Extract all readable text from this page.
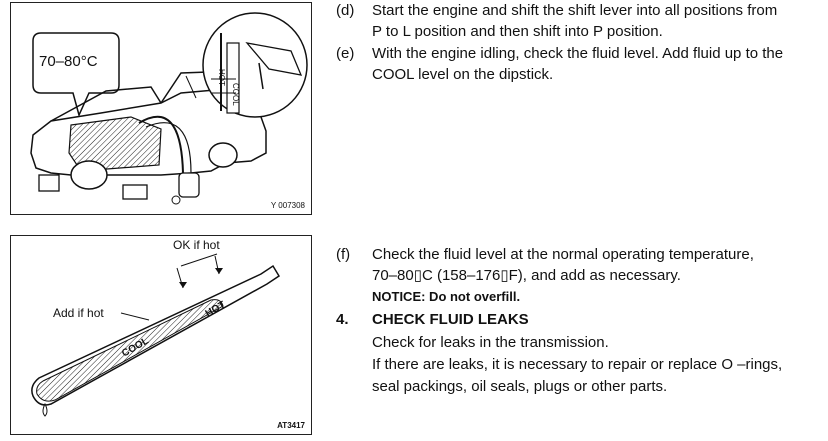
70–80°C
HOT
COOL
Y 007308
OK if hot
Add if hot	HOT
COOL
AT3417
(d) Start the engine and shift the shift lever into all positions from
P to L position and then shift into P position.
(e) With the engine idling, check the fluid level. Add fluid up to the
COOL level on the dipstick.
(f) Check the fluid level at the normal operating temperature,
70–80▯C (158–176▯F), and add as necessary.
NOTICE: Do not overfill.
4. CHECK FLUID LEAKS
Check for leaks in the transmission.
If there are leaks, it is necessary to repair or replace O –rings,
seal packings, oil seals, plugs or other parts.
